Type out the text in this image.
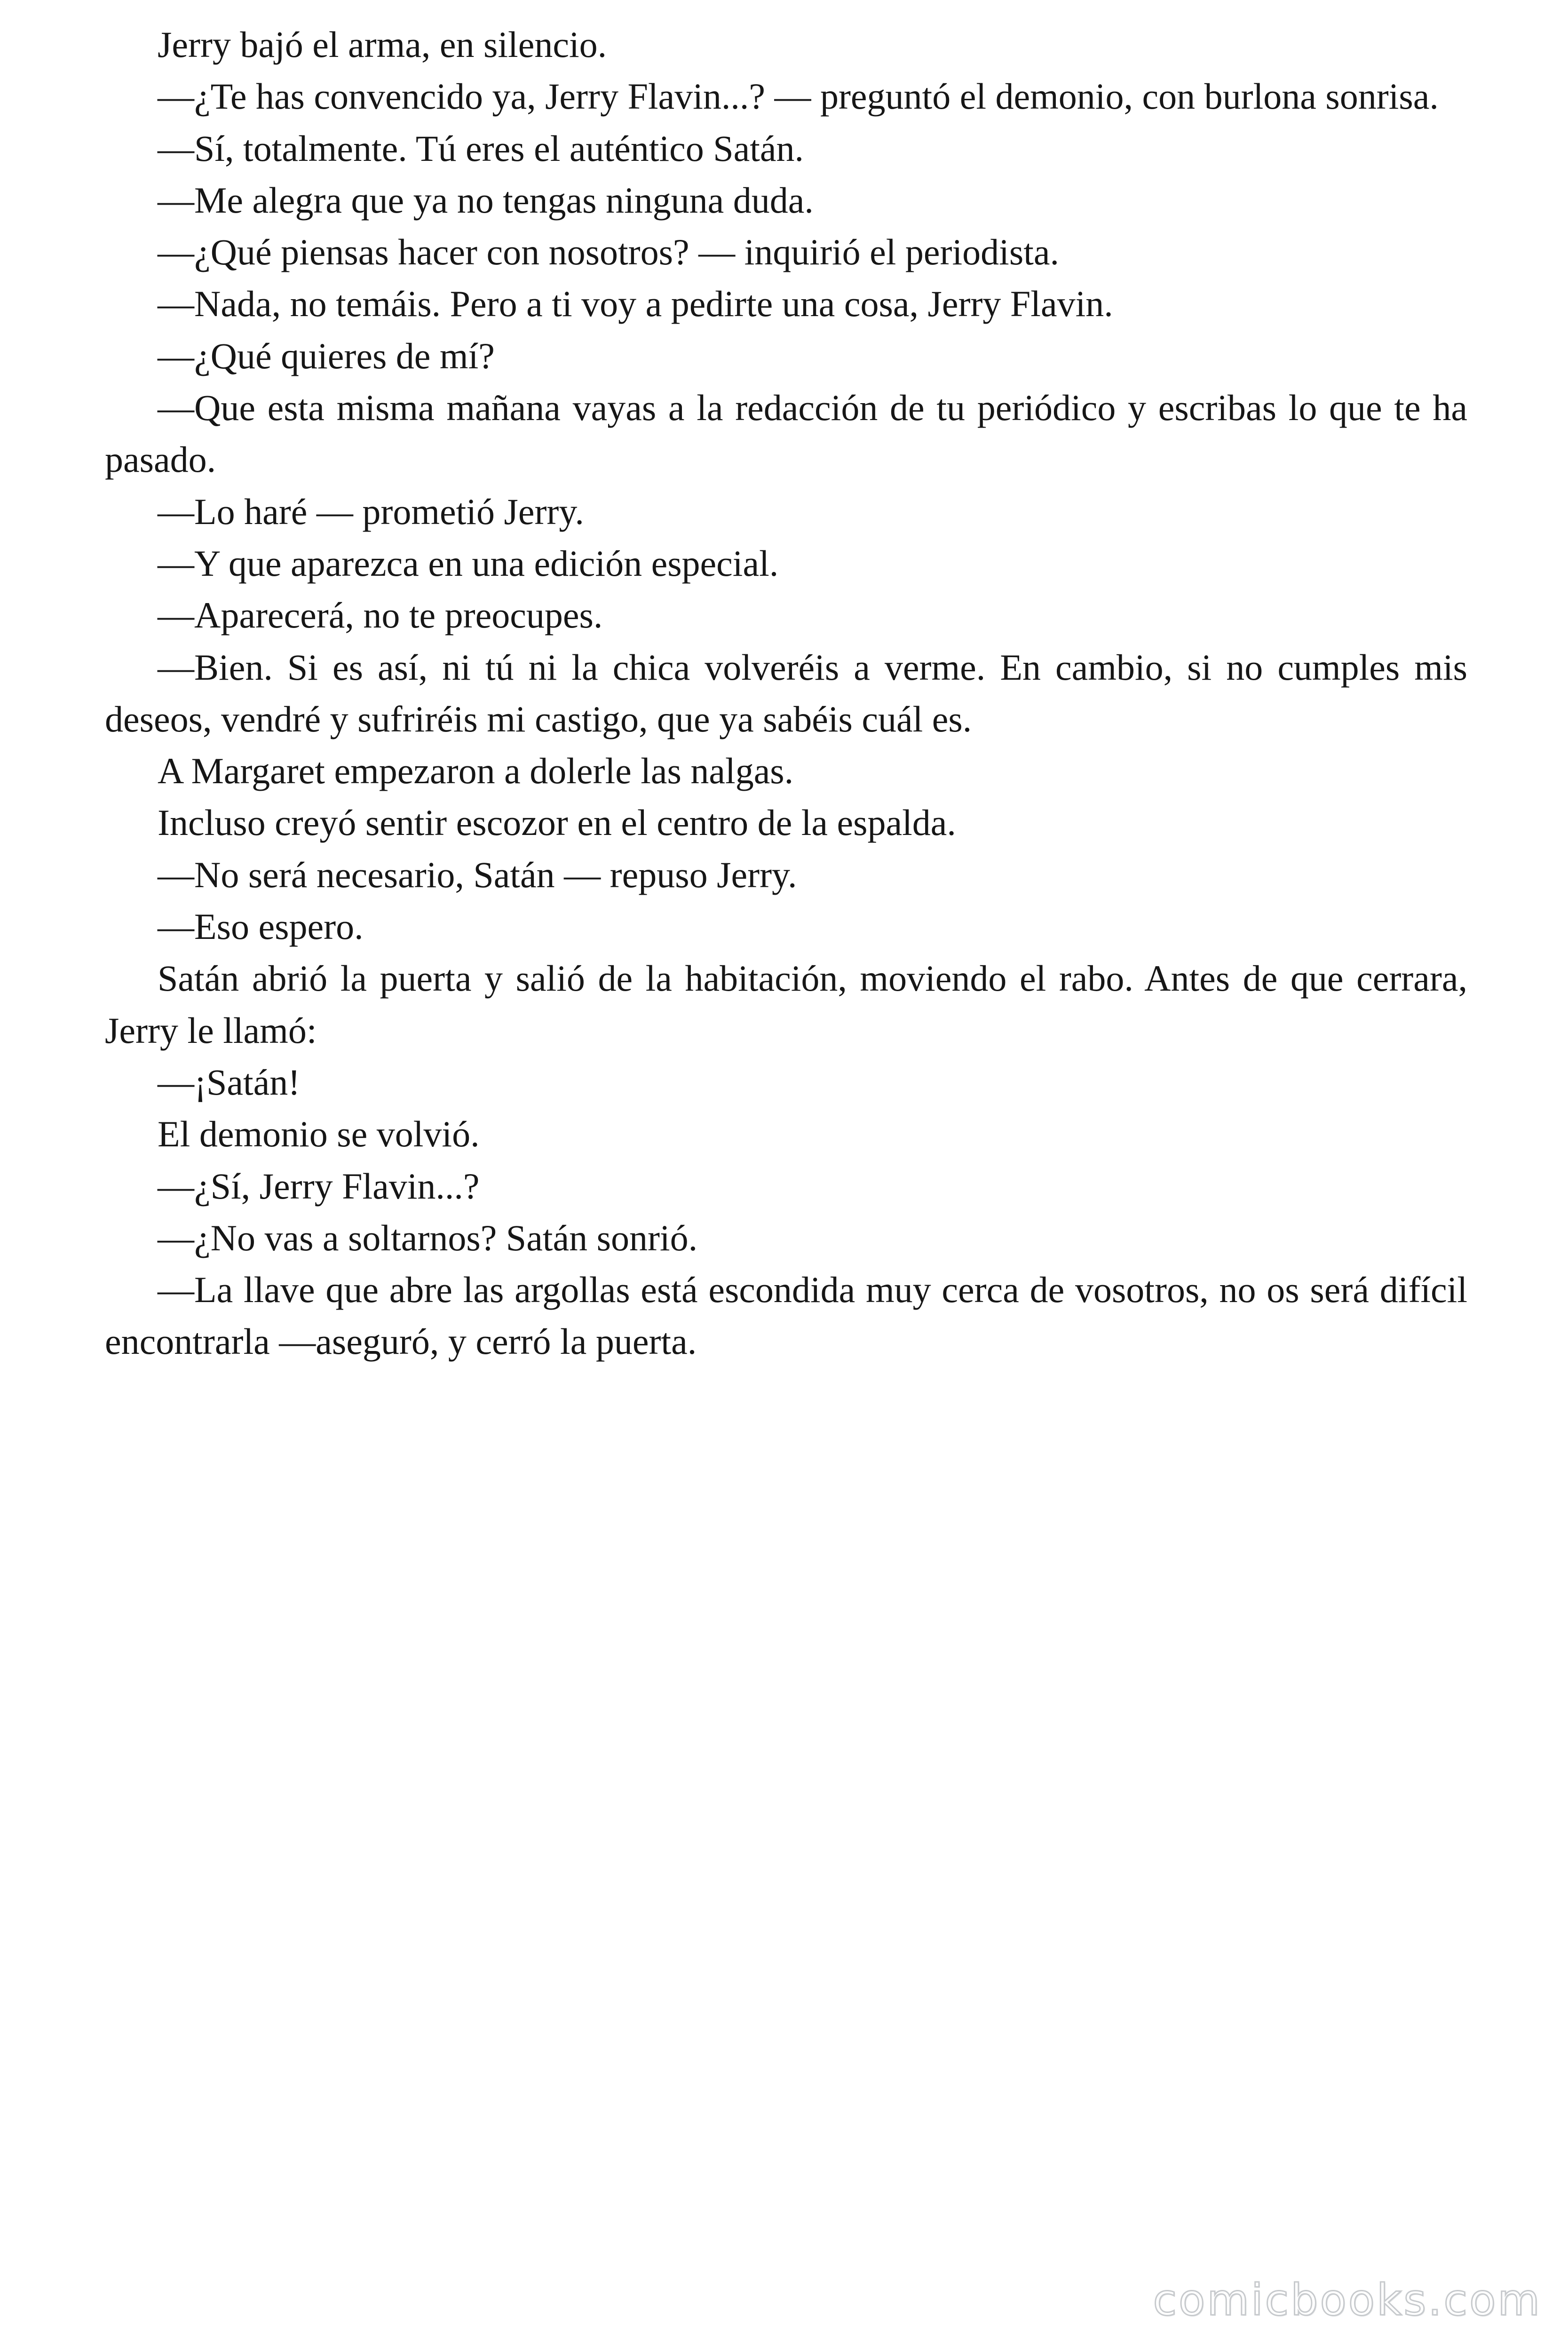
Jerry bajó el arma, en silencio.

—¿Te has convencido ya, Jerry Flavin...? — preguntó el demonio, con burlona sonrisa.

—Sí, totalmente. Tú eres el auténtico Satán.

—Me alegra que ya no tengas ninguna duda.

—¿Qué piensas hacer con nosotros? — inquirió el periodista.

—Nada, no temáis. Pero a ti voy a pedirte una cosa, Jerry Flavin.

—¿Qué quieres de mí?

—Que esta misma mañana vayas a la redacción de tu periódico y escribas lo que te ha pasado.

—Lo haré — prometió Jerry.

—Y que aparezca en una edición especial.

—Aparecerá, no te preocupes.

—Bien. Si es así, ni tú ni la chica volveréis a verme. En cambio, si no cumples mis deseos, vendré y sufriréis mi castigo, que ya sabéis cuál es.

A Margaret empezaron a dolerle las nalgas.

Incluso creyó sentir escozor en el centro de la espalda.

—No será necesario, Satán — repuso Jerry.

—Eso espero.

Satán abrió la puerta y salió de la habitación, moviendo el rabo. Antes de que cerrara, Jerry le llamó:

—¡Satán!

El demonio se volvió.

—¿Sí, Jerry Flavin...?

—¿No vas a soltarnos? Satán sonrió.

—La llave que abre las argollas está escondida muy cerca de vosotros, no os será difícil encontrarla —aseguró, y cerró la puerta.

comicbooks.com
